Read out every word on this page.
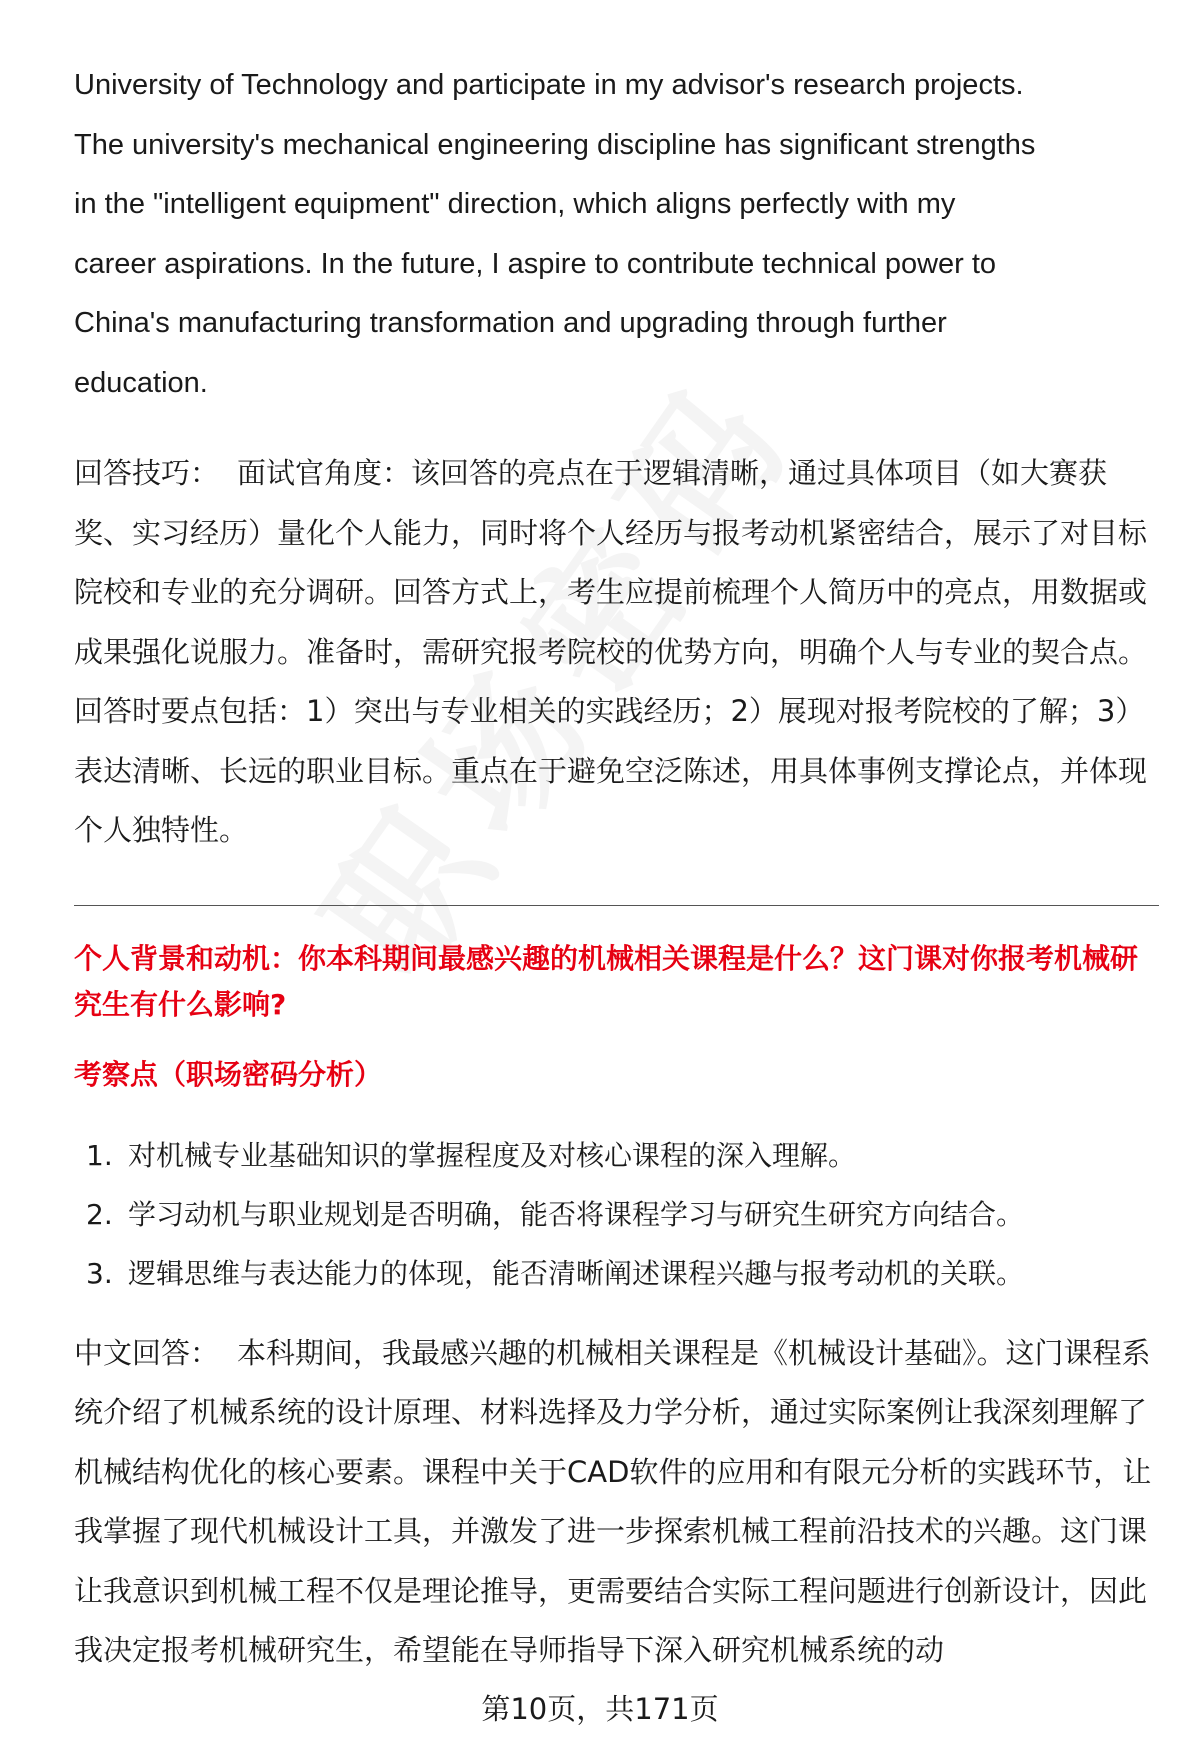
University of Technology and participate in my advisor's research projects.
The university's mechanical engineering discipline has significant strengths
in the "intelligent equipment" direction, which aligns perfectly with my
career aspirations. In the future, I aspire to contribute technical power to
China's manufacturing transformation and upgrading through further
education.

回答技巧： 面试官角度：该回答的亮点在于逻辑清晰，通过具体项目（如大赛获奖、实习经历）量化个人能力，同时将个人经历与报考动机紧密结合，展示了对目标院校和专业的充分调研。回答方式上，考生应提前梳理个人简历中的亮点，用数据或成果强化说服力。准备时，需研究报考院校的优势方向，明确个人与专业的契合点。回答时要点包括：1）突出与专业相关的实践经历；2）展现对报考院校的了解；3）表达清晰、长远的职业目标。重点在于避免空泛陈述，用具体事例支撑论点，并体现个人独特性。

个人背景和动机：你本科期间最感兴趣的机械相关课程是什么？这门课对你报考机械研究生有什么影响?

考察点（职场密码分析）

1. 对机械专业基础知识的掌握程度及对核心课程的深入理解。
2. 学习动机与职业规划是否明确，能否将课程学习与研究生研究方向结合。
3. 逻辑思维与表达能力的体现，能否清晰阐述课程兴趣与报考动机的关联。

中文回答： 本科期间，我最感兴趣的机械相关课程是《机械设计基础》。这门课程系统介绍了机械系统的设计原理、材料选择及力学分析，通过实际案例让我深刻理解了机械结构优化的核心要素。课程中关于CAD软件的应用和有限元分析的实践环节，让我掌握了现代机械设计工具，并激发了进一步探索机械工程前沿技术的兴趣。这门课让我意识到机械工程不仅是理论推导，更需要结合实际工程问题进行创新设计，因此我决定报考机械研究生，希望能在导师指导下深入研究机械系统的动

第10页，共171页
